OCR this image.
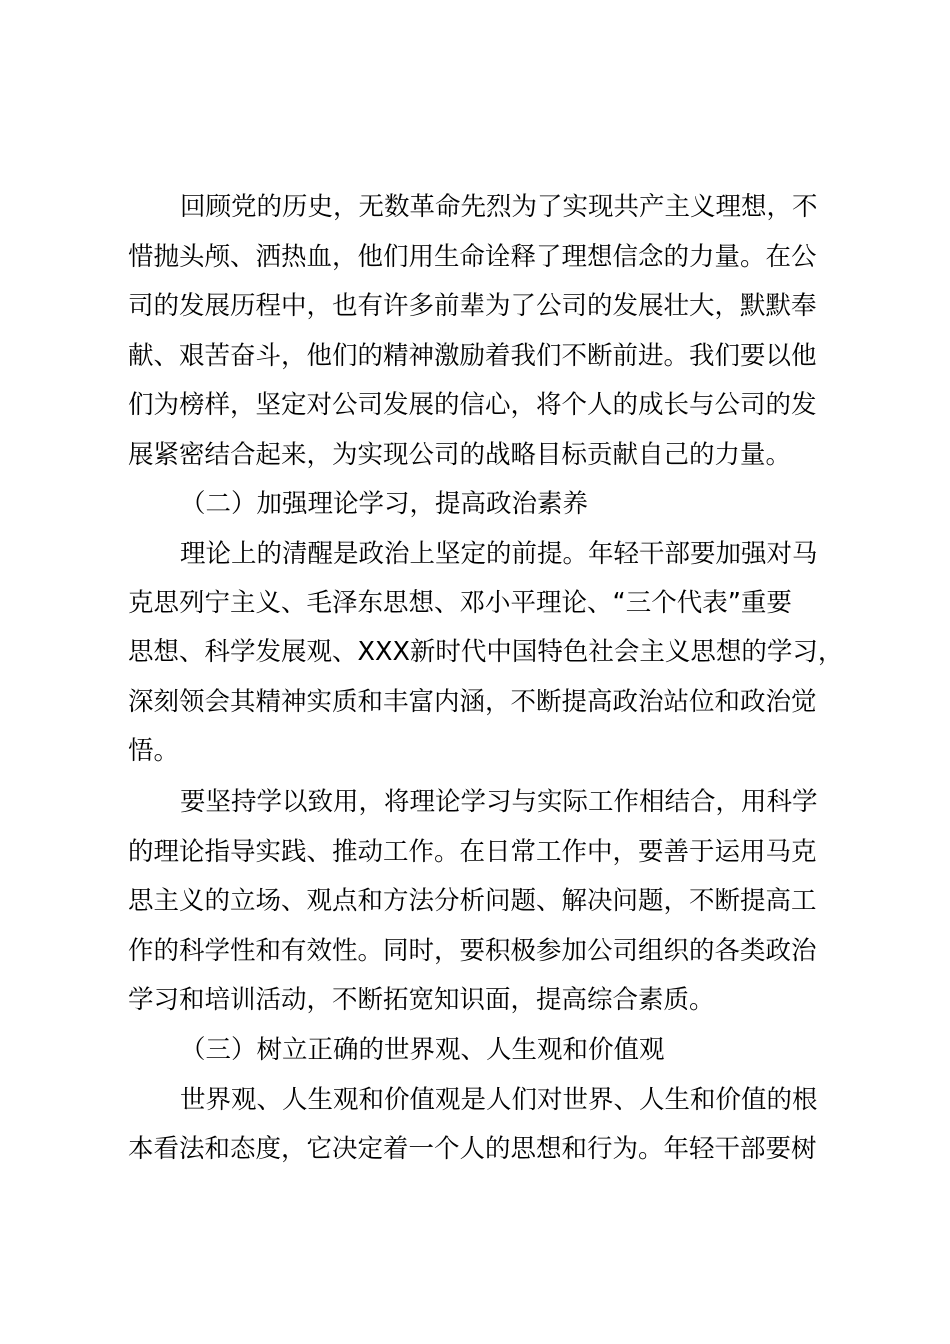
回顾党的历史，无数革命先烈为了实现共产主义理想，不
惜抛头颅、洒热血，他们用生命诠释了理想信念的力量。在公
司的发展历程中，也有许多前辈为了公司的发展壮大，默默奉
献、艰苦奋斗，他们的精神激励着我们不断前进。我们要以他
们为榜样，坚定对公司发展的信心，将个人的成长与公司的发
展紧密结合起来，为实现公司的战略目标贡献自己的力量。
（二）加强理论学习，提高政治素养
理论上的清醒是政治上坚定的前提。年轻干部要加强对马
克思列宁主义、毛泽东思想、邓小平理论、“三个代表”重要
思想、科学发展观、XXX新时代中国特色社会主义思想的学习，
深刻领会其精神实质和丰富内涵，不断提高政治站位和政治觉
悟。
要坚持学以致用，将理论学习与实际工作相结合，用科学
的理论指导实践、推动工作。在日常工作中，要善于运用马克
思主义的立场、观点和方法分析问题、解决问题，不断提高工
作的科学性和有效性。同时，要积极参加公司组织的各类政治
学习和培训活动，不断拓宽知识面，提高综合素质。
（三）树立正确的世界观、人生观和价值观
世界观、人生观和价值观是人们对世界、人生和价值的根
本看法和态度，它决定着一个人的思想和行为。年轻干部要树
